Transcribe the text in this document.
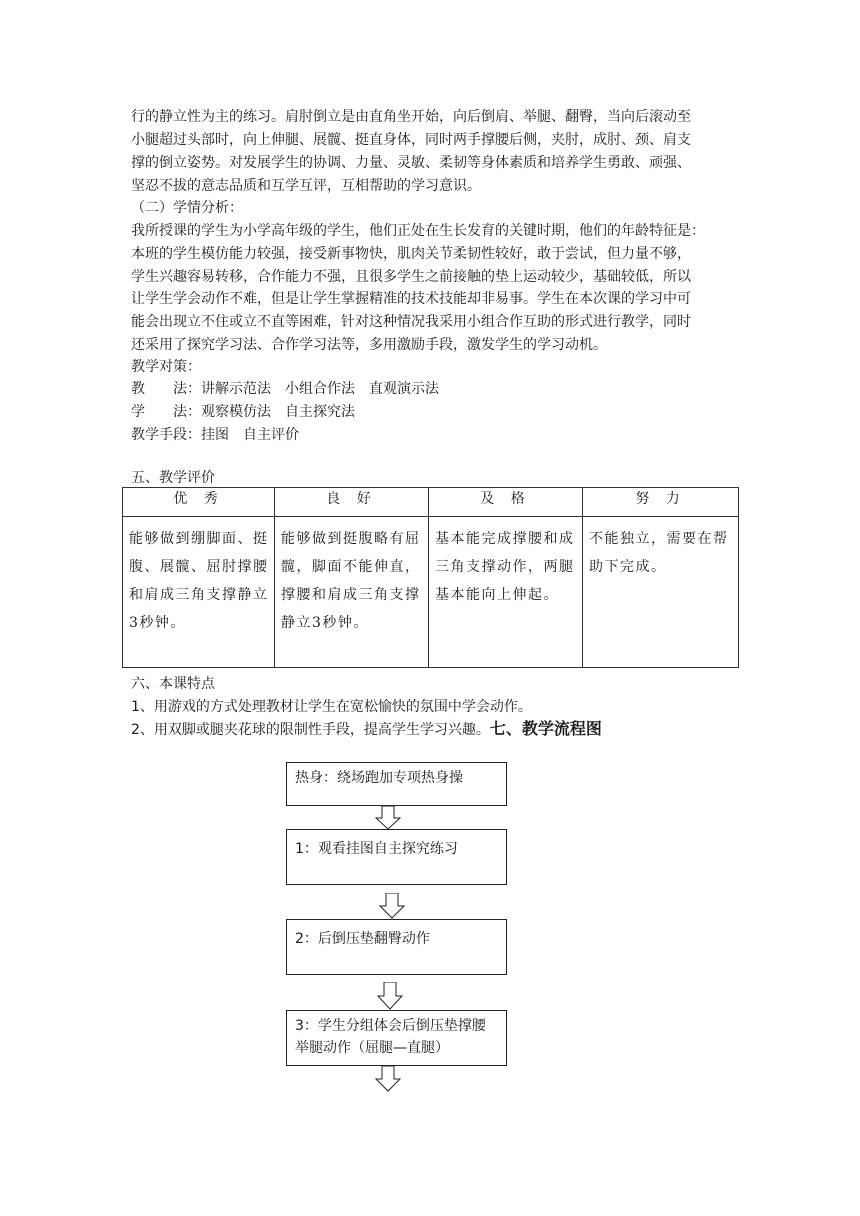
行的静立性为主的练习。肩肘倒立是由直角坐开始，向后倒肩、举腿、翻臀，当向后滚动至
小腿超过头部时，向上伸腿、展髋、挺直身体，同时两手撑腰后侧，夹肘，成肘、颈、肩支
撑的倒立姿势。对发展学生的协调、力量、灵敏、柔韧等身体素质和培养学生勇敢、顽强、
坚忍不拔的意志品质和互学互评，互相帮助的学习意识。
（二）学情分析：
我所授课的学生为小学高年级的学生，他们正处在生长发育的关键时期，他们的年龄特征是：
本班的学生模仿能力较强，接受新事物快，肌肉关节柔韧性较好，敢于尝试，但力量不够，
学生兴趣容易转移，合作能力不强，且很多学生之前接触的垫上运动较少，基础较低，所以
让学生学会动作不难，但是让学生掌握精准的技术技能却非易事。学生在本次课的学习中可
能会出现立不住或立不直等困难，针对这种情况我采用小组合作互助的形式进行教学，同时
还采用了探究学习法、合作学习法等，多用激励手段，激发学生的学习动机。
教学对策：
教　　法：讲解示范法　小组合作法　直观演示法
学　　法：观察模仿法　自主探究法
教学手段：挂图　自主评价
五、教学评价
优 秀	良 好	及 格	努 力
能够做到绷脚面、挺腹、展髋、屈肘撑腰和肩成三角支撑静立3秒钟。	能够做到挺腹略有屈髋，脚面不能伸直，撑腰和肩成三角支撑静立3秒钟。	基本能完成撑腰和成三角支撑动作，两腿基本能向上伸起。	不能独立，需要在帮助下完成。
六、本课特点
1、用游戏的方式处理教材让学生在宽松愉快的氛围中学会动作。
2、用双脚或腿夹花球的限制性手段，提高学生学习兴趣。七、教学流程图
热身：绕场跑加专项热身操
1：观看挂图自主探究练习
2：后倒压垫翻臀动作
3：学生分组体会后倒压垫撑腰举腿动作（屈腿—直腿）
